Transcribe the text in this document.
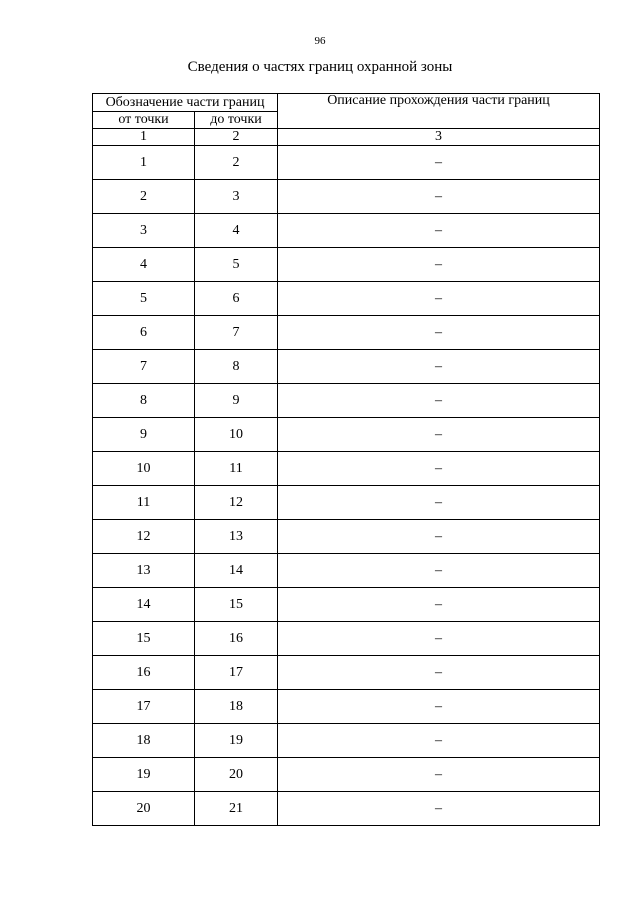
96
Сведения о частях границ охранной зоны
Обозначение части границ		Описание прохождения части границ
от точки	до точки	
1	2	3
1	2	–
2	3	–
3	4	–
4	5	–
5	6	–
6	7	–
7	8	–
8	9	–
9	10	–
10	11	–
11	12	–
12	13	–
13	14	–
14	15	–
15	16	–
16	17	–
17	18	–
18	19	–
19	20	–
20	21	–
